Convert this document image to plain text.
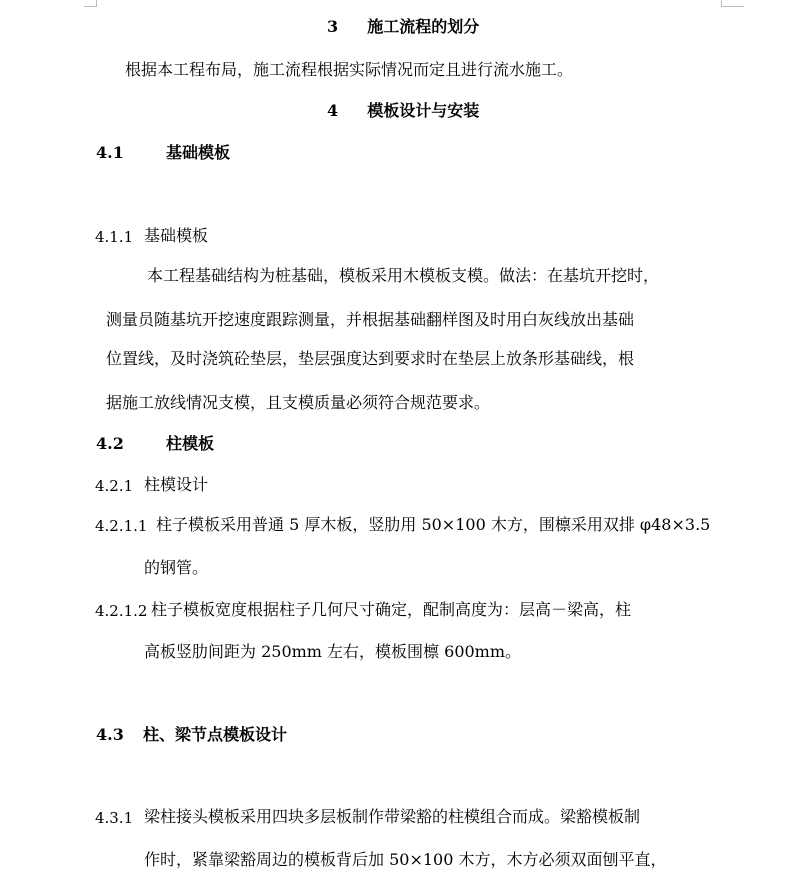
3 施工流程的划分
根据本工程布局，施工流程根据实际情况而定且进行流水施工。
4 模板设计与安装
4.1	基础模板
4.1.1 基础模板
本工程基础结构为桩基础，模板采用木模板支模。做法：在基坑开挖时，
测量员随基坑开挖速度跟踪测量，并根据基础翻样图及时用白灰线放出基础
位置线，及时浇筑砼垫层，垫层强度达到要求时在垫层上放条形基础线，根
据施工放线情况支模，且支模质量必须符合规范要求。
4.2	柱模板
4.2.1 柱模设计
4.2.1.1 柱子模板采用普通 5 厚木板，竖肋用 50×100 木方，围檩采用双排 φ48×3.5
的钢管。
4.2.1.2 柱子模板宽度根据柱子几何尺寸确定，配制高度为：层高－梁高，柱
高板竖肋间距为 250mm 左右，模板围檩 600mm。
4.3 柱、梁节点模板设计
4.3.1 梁柱接头模板采用四块多层板制作带梁豁的柱模组合而成。梁豁模板制
作时，紧靠梁豁周边的模板背后加 50×100 木方，木方必须双面刨平直，
